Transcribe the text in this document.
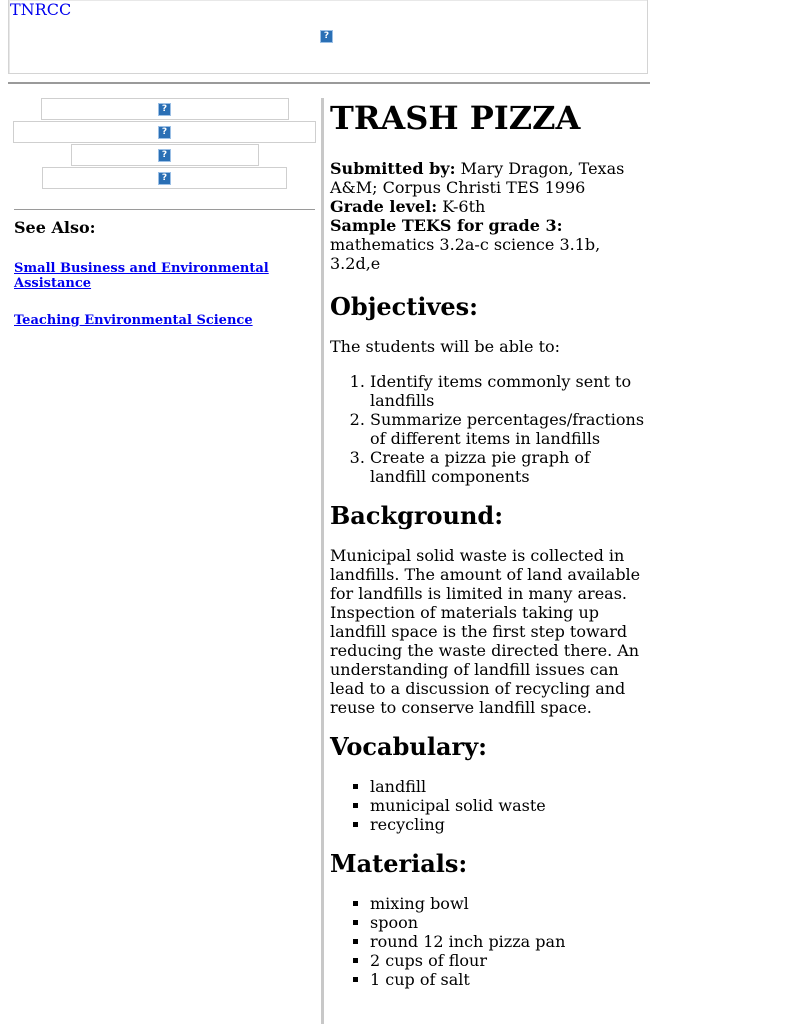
TNRCC
?
?
?
?
?
See Also:
Small Business and Environmental Assistance
Teaching Environmental Science
TRASH PIZZA
Submitted by: Mary Dragon, Texas A&M; Corpus Christi TES 1996
Grade level: K-6th
Sample TEKS for grade 3:
mathematics 3.2a-c science 3.1b, 3.2d,e
Objectives:

The students will be able to:

1. Identify items commonly sent to landfills
2. Summarize percentages/fractions of different items in landfills
3. Create a pizza pie graph of landfill components
Background:

Municipal solid waste is collected in landfills. The amount of land available for landfills is limited in many areas. Inspection of materials taking up landfill space is the first step toward reducing the waste directed there. An understanding of landfill issues can lead to a discussion of recycling and reuse to conserve landfill space.

Vocabulary:
▪ landfill
▪ municipal solid waste
▪ recycling
Materials:
▪ mixing bowl
▪ spoon
▪ round 12 inch pizza pan
▪ 2 cups of flour
▪ 1 cup of salt
